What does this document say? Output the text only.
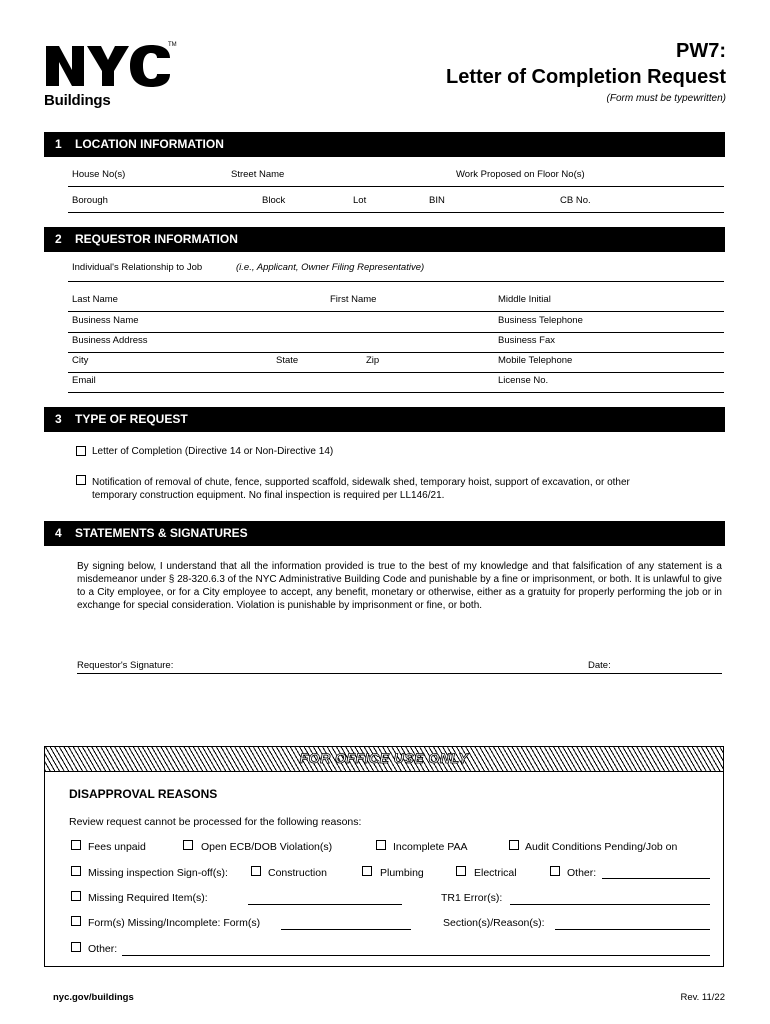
TM
Buildings
PW7:
Letter of Completion Request
(Form must be typewritten)
1 LOCATION INFORMATION
House No(s)	Street Name	Work Proposed on Floor No(s)
Borough	Block	Lot	BIN	CB No.
2 REQUESTOR INFORMATION
Individual's Relationship to Job	(i.e., Applicant, Owner Filing Representative)
Last Name	First Name	Middle Initial
Business Name	Business Telephone
Business Address	Business Fax
City	State	Zip	Mobile Telephone
Email	License No.
3 TYPE OF REQUEST
Letter of Completion (Directive 14 or Non-Directive 14)
Notification of removal of chute, fence, supported scaffold, sidewalk shed, temporary hoist, support of excavation, or other
temporary construction equipment. No final inspection is required per LL146/21.
4 STATEMENTS & SIGNATURES
By signing below, I understand that all the information provided is true to the best of my knowledge and that falsification of any statement is a misdemeanor under § 28-320.6.3 of the NYC Administrative Building Code and punishable by a fine or imprisonment, or both. It is unlawful to give to a City employee, or for a City employee to accept, any benefit, monetary or otherwise, either as a gratuity for properly performing the job or in exchange for special consideration. Violation is punishable by imprisonment or fine, or both.
Requestor's Signature:	Date:
FOR OFFICE USE ONLY
DISAPPROVAL REASONS
Review request cannot be processed for the following reasons:
Fees unpaid	Open ECB/DOB Violation(s)	Incomplete PAA	Audit Conditions Pending/Job on
Missing inspection Sign-off(s):	Construction	Plumbing	Electrical	Other:
Missing Required Item(s):	TR1 Error(s):
Form(s) Missing/Incomplete: Form(s)	Section(s)/Reason(s):
Other:
nyc.gov/buildings	Rev. 11/22
